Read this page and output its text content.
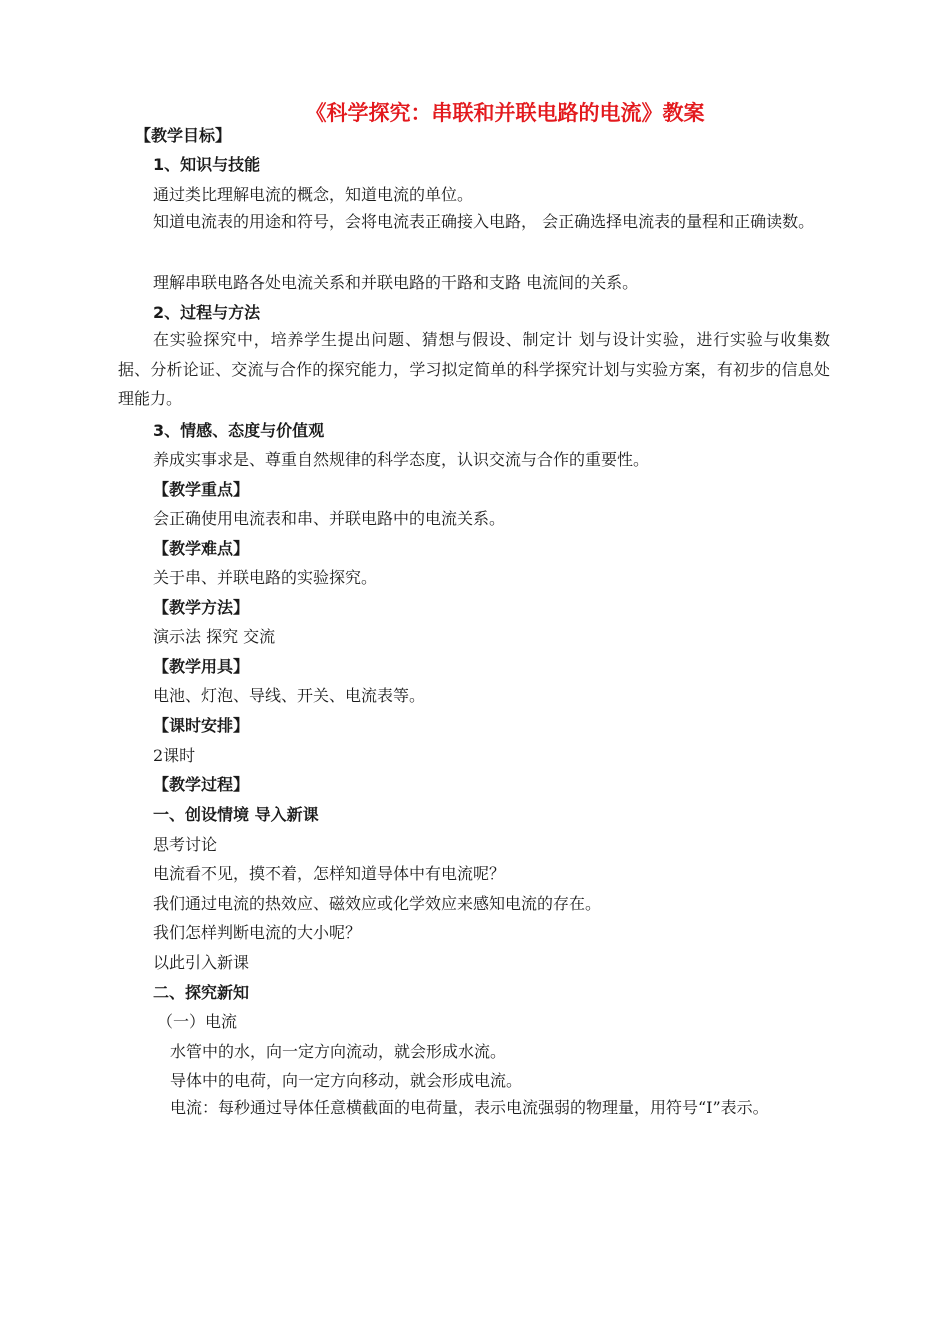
《科学探究：串联和并联电路的电流》教案
【教学目标】
1、知识与技能
通过类比理解电流的概念，知道电流的单位。
知道电流表的用途和符号，会将电流表正确接入电路， 会正确选择电流表的量程和正确读数。
理解串联电路各处电流关系和并联电路的干路和支路 电流间的关系。
2、过程与方法
在实验探究中，培养学生提出问题、猜想与假设、制定计 划与设计实验，进行实验与收集数据、分析论证、交流与合作的探究能力，学习拟定简单的科学探究计划与实验方案，有初步的信息处理能力。
3、情感、态度与价值观
养成实事求是、尊重自然规律的科学态度，认识交流与合作的重要性。
【教学重点】
会正确使用电流表和串、并联电路中的电流关系。
【教学难点】
关于串、并联电路的实验探究。
【教学方法】
演示法 探究 交流
【教学用具】
电池、灯泡、导线、开关、电流表等。
【课时安排】
2课时
【教学过程】
一、创设情境 导入新课
思考讨论
电流看不见，摸不着，怎样知道导体中有电流呢？
我们通过电流的热效应、磁效应或化学效应来感知电流的存在。
我们怎样判断电流的大小呢？
以此引入新课
二、探究新知
（一）电流
水管中的水，向一定方向流动，就会形成水流。
导体中的电荷，向一定方向移动，就会形成电流。
电流：每秒通过导体任意横截面的电荷量，表示电流强弱的物理量，用符号“I”表示。
